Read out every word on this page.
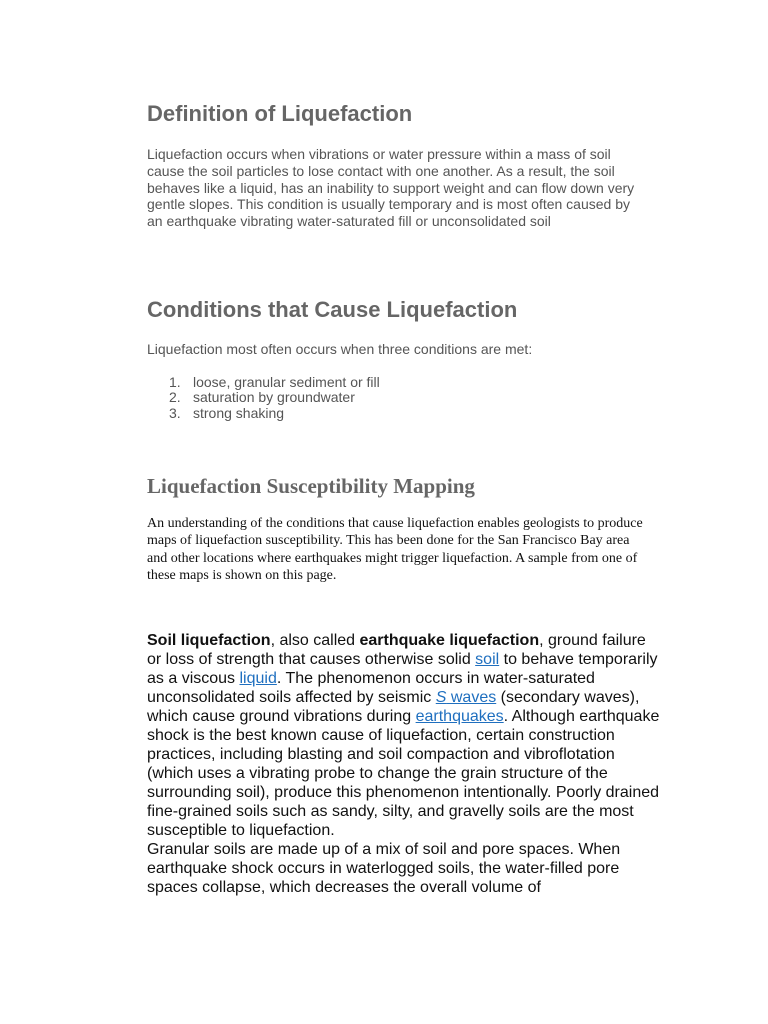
Definition of Liquefaction

Liquefaction occurs when vibrations or water pressure within a mass of soil cause the soil particles to lose contact with one another. As a result, the soil behaves like a liquid, has an inability to support weight and can flow down very gentle slopes. This condition is usually temporary and is most often caused by an earthquake vibrating water-saturated fill or unconsolidated soil

Conditions that Cause Liquefaction

Liquefaction most often occurs when three conditions are met:

1. loose, granular sediment or fill
2. saturation by groundwater
3. strong shaking
Liquefaction Susceptibility Mapping

An understanding of the conditions that cause liquefaction enables geologists to produce maps of liquefaction susceptibility. This has been done for the San Francisco Bay area and other locations where earthquakes might trigger liquefaction. A sample from one of these maps is shown on this page.

Soil liquefaction, also called earthquake liquefaction, ground failure or loss of strength that causes otherwise solid soil to behave temporarily as a viscous liquid. The phenomenon occurs in water-saturated unconsolidated soils affected by seismic S waves (secondary waves), which cause ground vibrations during earthquakes. Although earthquake shock is the best known cause of liquefaction, certain construction practices, including blasting and soil compaction and vibroflotation (which uses a vibrating probe to change the grain structure of the surrounding soil), produce this phenomenon intentionally. Poorly drained fine-grained soils such as sandy, silty, and gravelly soils are the most susceptible to liquefaction.
Granular soils are made up of a mix of soil and pore spaces. When earthquake shock occurs in waterlogged soils, the water-filled pore spaces collapse, which decreases the overall volume of
